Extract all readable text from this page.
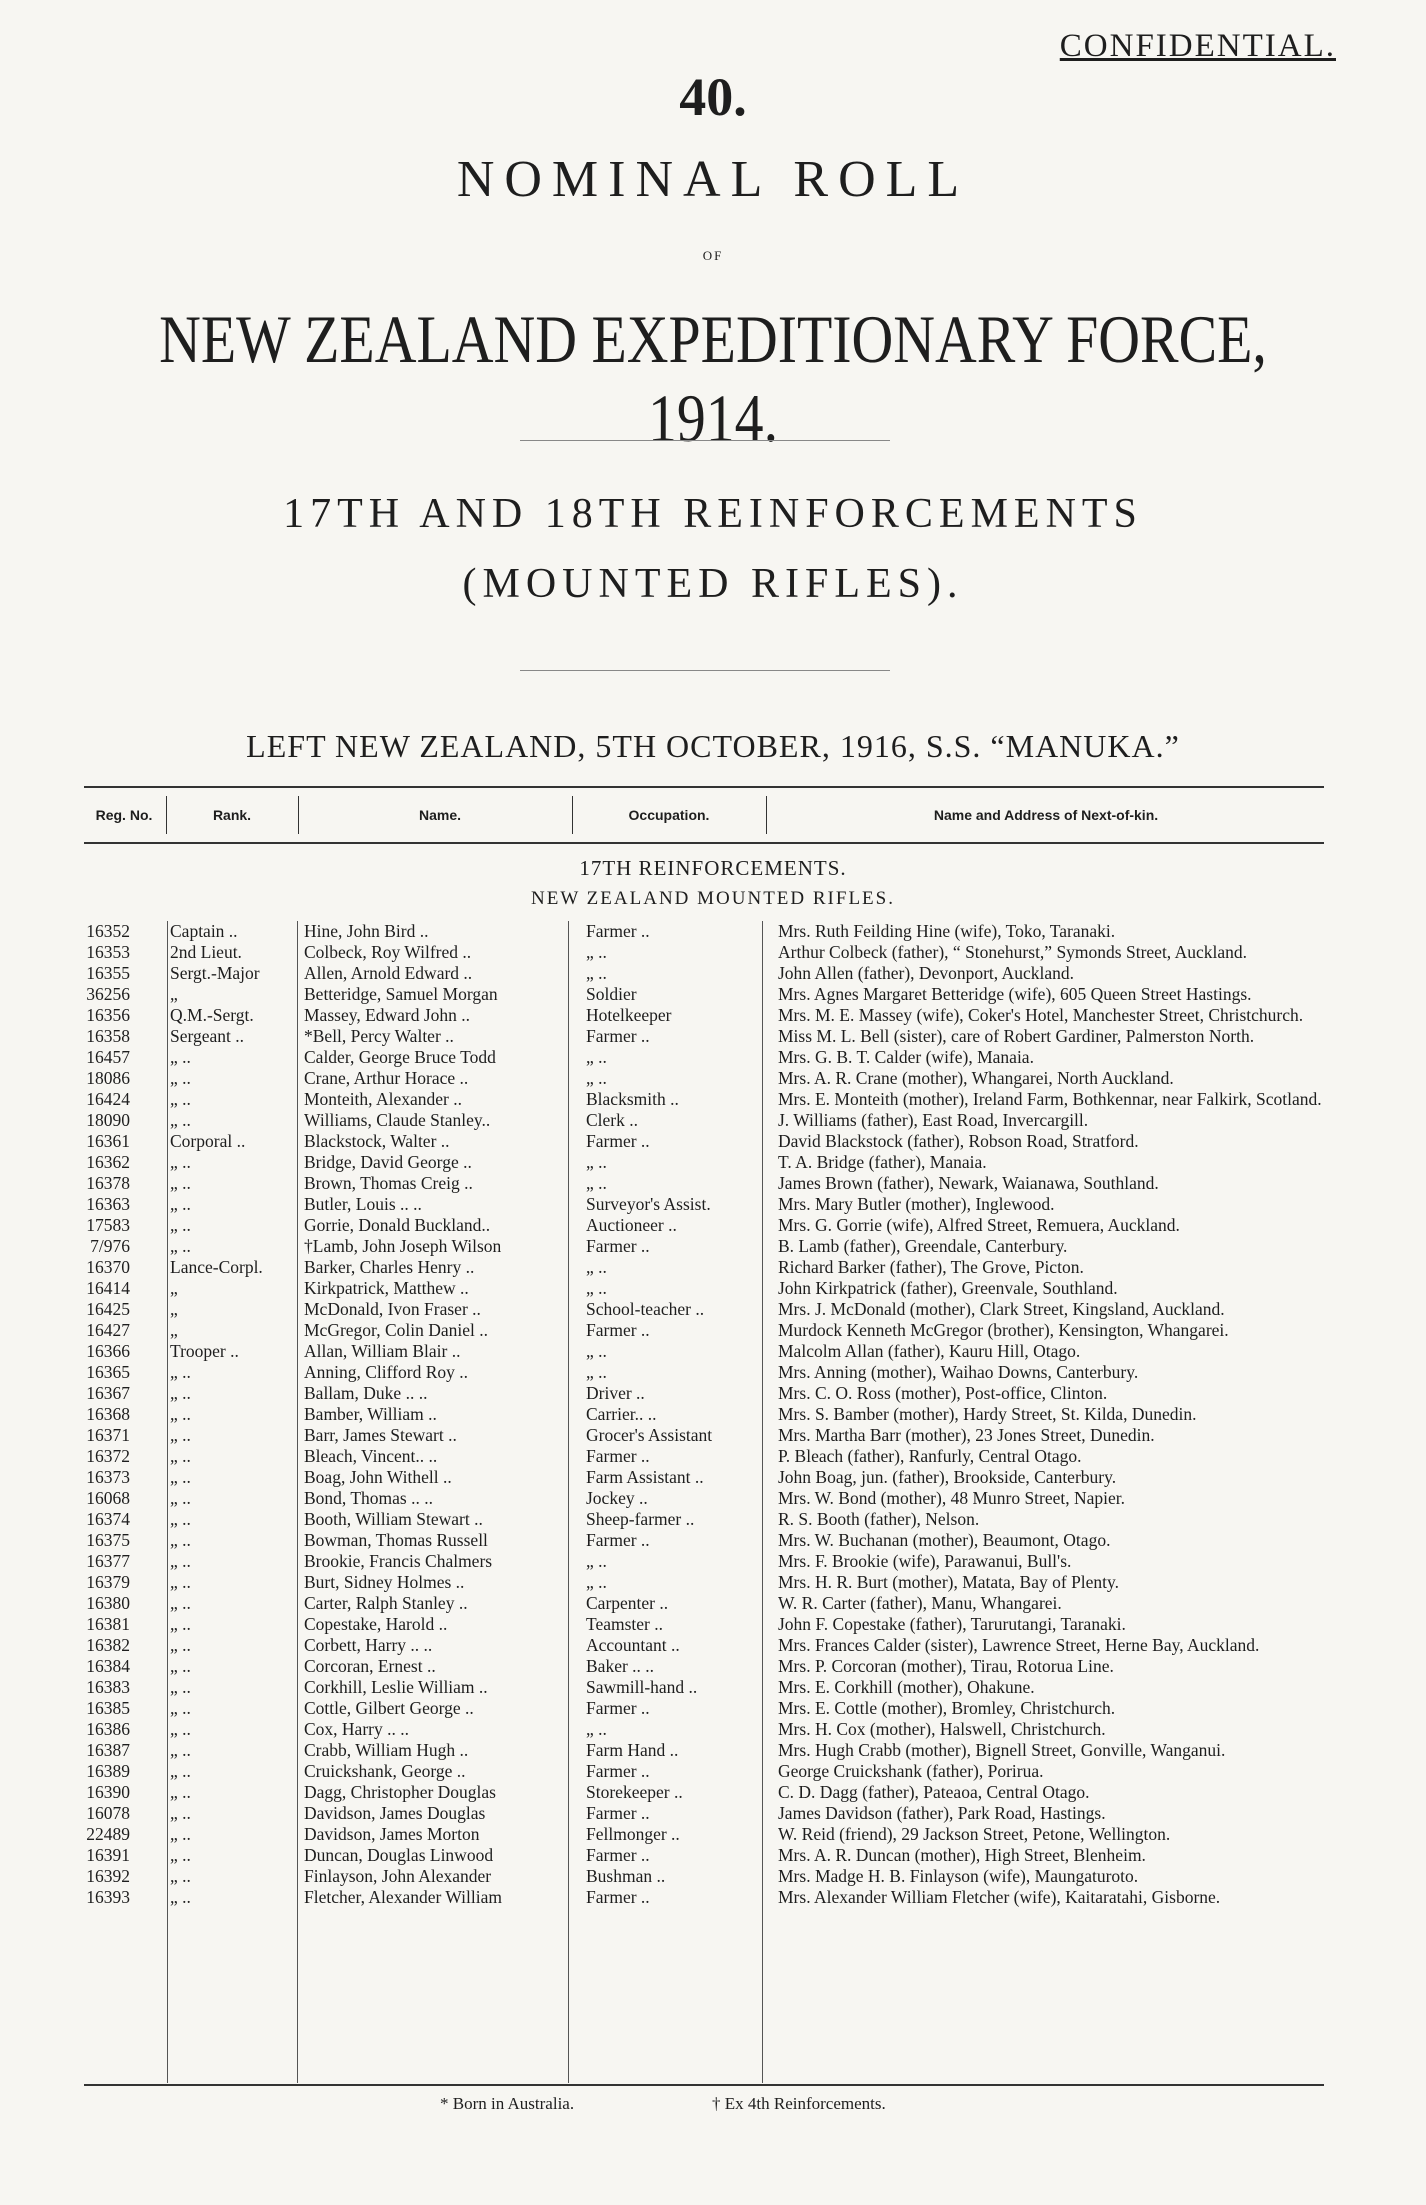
CONFIDENTIAL.
40.
NOMINAL ROLL
OF
NEW ZEALAND EXPEDITIONARY FORCE, 1914.
17TH AND 18TH REINFORCEMENTS
(MOUNTED RIFLES).
LEFT NEW ZEALAND, 5TH OCTOBER, 1916, S.S. “MANUKA.”
Reg. No.	Rank.	Name.	Occupation.	Name and Address of Next-of-kin.
17TH REINFORCEMENTS.
NEW ZEALAND MOUNTED RIFLES.
16352 Captain ..	Hine, John Bird ..	Farmer ..	Mrs. Ruth Feilding Hine (wife), Toko, Taranaki.
16353 2nd Lieut.	Colbeck, Roy Wilfred ..	„ ..	Arthur Colbeck (father), “ Stonehurst,” Symonds Street, Auckland.
16355 Sergt.-Major	Allen, Arnold Edward ..	„ ..	John Allen (father), Devonport, Auckland.
36256 „	Betteridge, Samuel Morgan	Soldier	Mrs. Agnes Margaret Betteridge (wife), 605 Queen Street Hastings.
16356 Q.M.-Sergt.	Massey, Edward John ..	Hotelkeeper	Mrs. M. E. Massey (wife), Coker's Hotel, Manchester Street, Christchurch.
16358 Sergeant ..	*Bell, Percy Walter ..	Farmer ..	Miss M. L. Bell (sister), care of Robert Gardiner, Palmerston North.
16457 „ ..	Calder, George Bruce Todd	„ ..	Mrs. G. B. T. Calder (wife), Manaia.
18086 „ ..	Crane, Arthur Horace ..	„ ..	Mrs. A. R. Crane (mother), Whangarei, North Auckland.
16424 „ ..	Monteith, Alexander ..	Blacksmith ..	Mrs. E. Monteith (mother), Ireland Farm, Bothkennar, near Falkirk, Scotland.
18090 „ ..	Williams, Claude Stanley..	Clerk ..	J. Williams (father), East Road, Invercargill.
16361 Corporal ..	Blackstock, Walter ..	Farmer ..	David Blackstock (father), Robson Road, Stratford.
16362 „ ..	Bridge, David George ..	„ ..	T. A. Bridge (father), Manaia.
16378 „ ..	Brown, Thomas Creig ..	„ ..	James Brown (father), Newark, Waianawa, Southland.
16363 „ ..	Butler, Louis .. ..	Surveyor's Assist.	Mrs. Mary Butler (mother), Inglewood.
17583 „ ..	Gorrie, Donald Buckland..	Auctioneer ..	Mrs. G. Gorrie (wife), Alfred Street, Remuera, Auckland.
7/976 „ ..	†Lamb, John Joseph Wilson	Farmer ..	B. Lamb (father), Greendale, Canterbury.
16370 Lance-Corpl.	Barker, Charles Henry ..	„ ..	Richard Barker (father), The Grove, Picton.
16414 „	Kirkpatrick, Matthew ..	„ ..	John Kirkpatrick (father), Greenvale, Southland.
16425 „	McDonald, Ivon Fraser ..	School-teacher ..	Mrs. J. McDonald (mother), Clark Street, Kingsland, Auckland.
16427 „	McGregor, Colin Daniel ..	Farmer ..	Murdock Kenneth McGregor (brother), Kensington, Whangarei.
16366 Trooper ..	Allan, William Blair ..	„ ..	Malcolm Allan (father), Kauru Hill, Otago.
16365 „ ..	Anning, Clifford Roy ..	„ ..	Mrs. Anning (mother), Waihao Downs, Canterbury.
16367 „ ..	Ballam, Duke .. ..	Driver ..	Mrs. C. O. Ross (mother), Post-office, Clinton.
16368 „ ..	Bamber, William ..	Carrier.. ..	Mrs. S. Bamber (mother), Hardy Street, St. Kilda, Dunedin.
16371 „ ..	Barr, James Stewart ..	Grocer's Assistant	Mrs. Martha Barr (mother), 23 Jones Street, Dunedin.
16372 „ ..	Bleach, Vincent.. ..	Farmer ..	P. Bleach (father), Ranfurly, Central Otago.
16373 „ ..	Boag, John Withell ..	Farm Assistant ..	John Boag, jun. (father), Brookside, Canterbury.
16068 „ ..	Bond, Thomas .. ..	Jockey ..	Mrs. W. Bond (mother), 48 Munro Street, Napier.
16374 „ ..	Booth, William Stewart ..	Sheep-farmer ..	R. S. Booth (father), Nelson.
16375 „ ..	Bowman, Thomas Russell	Farmer ..	Mrs. W. Buchanan (mother), Beaumont, Otago.
16377 „ ..	Brookie, Francis Chalmers	„ ..	Mrs. F. Brookie (wife), Parawanui, Bull's.
16379 „ ..	Burt, Sidney Holmes ..	„ ..	Mrs. H. R. Burt (mother), Matata, Bay of Plenty.
16380 „ ..	Carter, Ralph Stanley ..	Carpenter ..	W. R. Carter (father), Manu, Whangarei.
16381 „ ..	Copestake, Harold ..	Teamster ..	John F. Copestake (father), Tarurutangi, Taranaki.
16382 „ ..	Corbett, Harry .. ..	Accountant ..	Mrs. Frances Calder (sister), Lawrence Street, Herne Bay, Auckland.
16384 „ ..	Corcoran, Ernest ..	Baker .. ..	Mrs. P. Corcoran (mother), Tirau, Rotorua Line.
16383 „ ..	Corkhill, Leslie William ..	Sawmill-hand ..	Mrs. E. Corkhill (mother), Ohakune.
16385 „ ..	Cottle, Gilbert George ..	Farmer ..	Mrs. E. Cottle (mother), Bromley, Christchurch.
16386 „ ..	Cox, Harry .. ..	„ ..	Mrs. H. Cox (mother), Halswell, Christchurch.
16387 „ ..	Crabb, William Hugh ..	Farm Hand ..	Mrs. Hugh Crabb (mother), Bignell Street, Gonville, Wanganui.
16389 „ ..	Cruickshank, George ..	Farmer ..	George Cruickshank (father), Porirua.
16390 „ ..	Dagg, Christopher Douglas	Storekeeper ..	C. D. Dagg (father), Pateaoa, Central Otago.
16078 „ ..	Davidson, James Douglas	Farmer ..	James Davidson (father), Park Road, Hastings.
22489 „ ..	Davidson, James Morton	Fellmonger ..	W. Reid (friend), 29 Jackson Street, Petone, Wellington.
16391 „ ..	Duncan, Douglas Linwood	Farmer ..	Mrs. A. R. Duncan (mother), High Street, Blenheim.
16392 „ ..	Finlayson, John Alexander	Bushman ..	Mrs. Madge H. B. Finlayson (wife), Maungaturoto.
16393 „ ..	Fletcher, Alexander William	Farmer ..	Mrs. Alexander William Fletcher (wife), Kaitaratahi, Gisborne.
* Born in Australia.	† Ex 4th Reinforcements.
